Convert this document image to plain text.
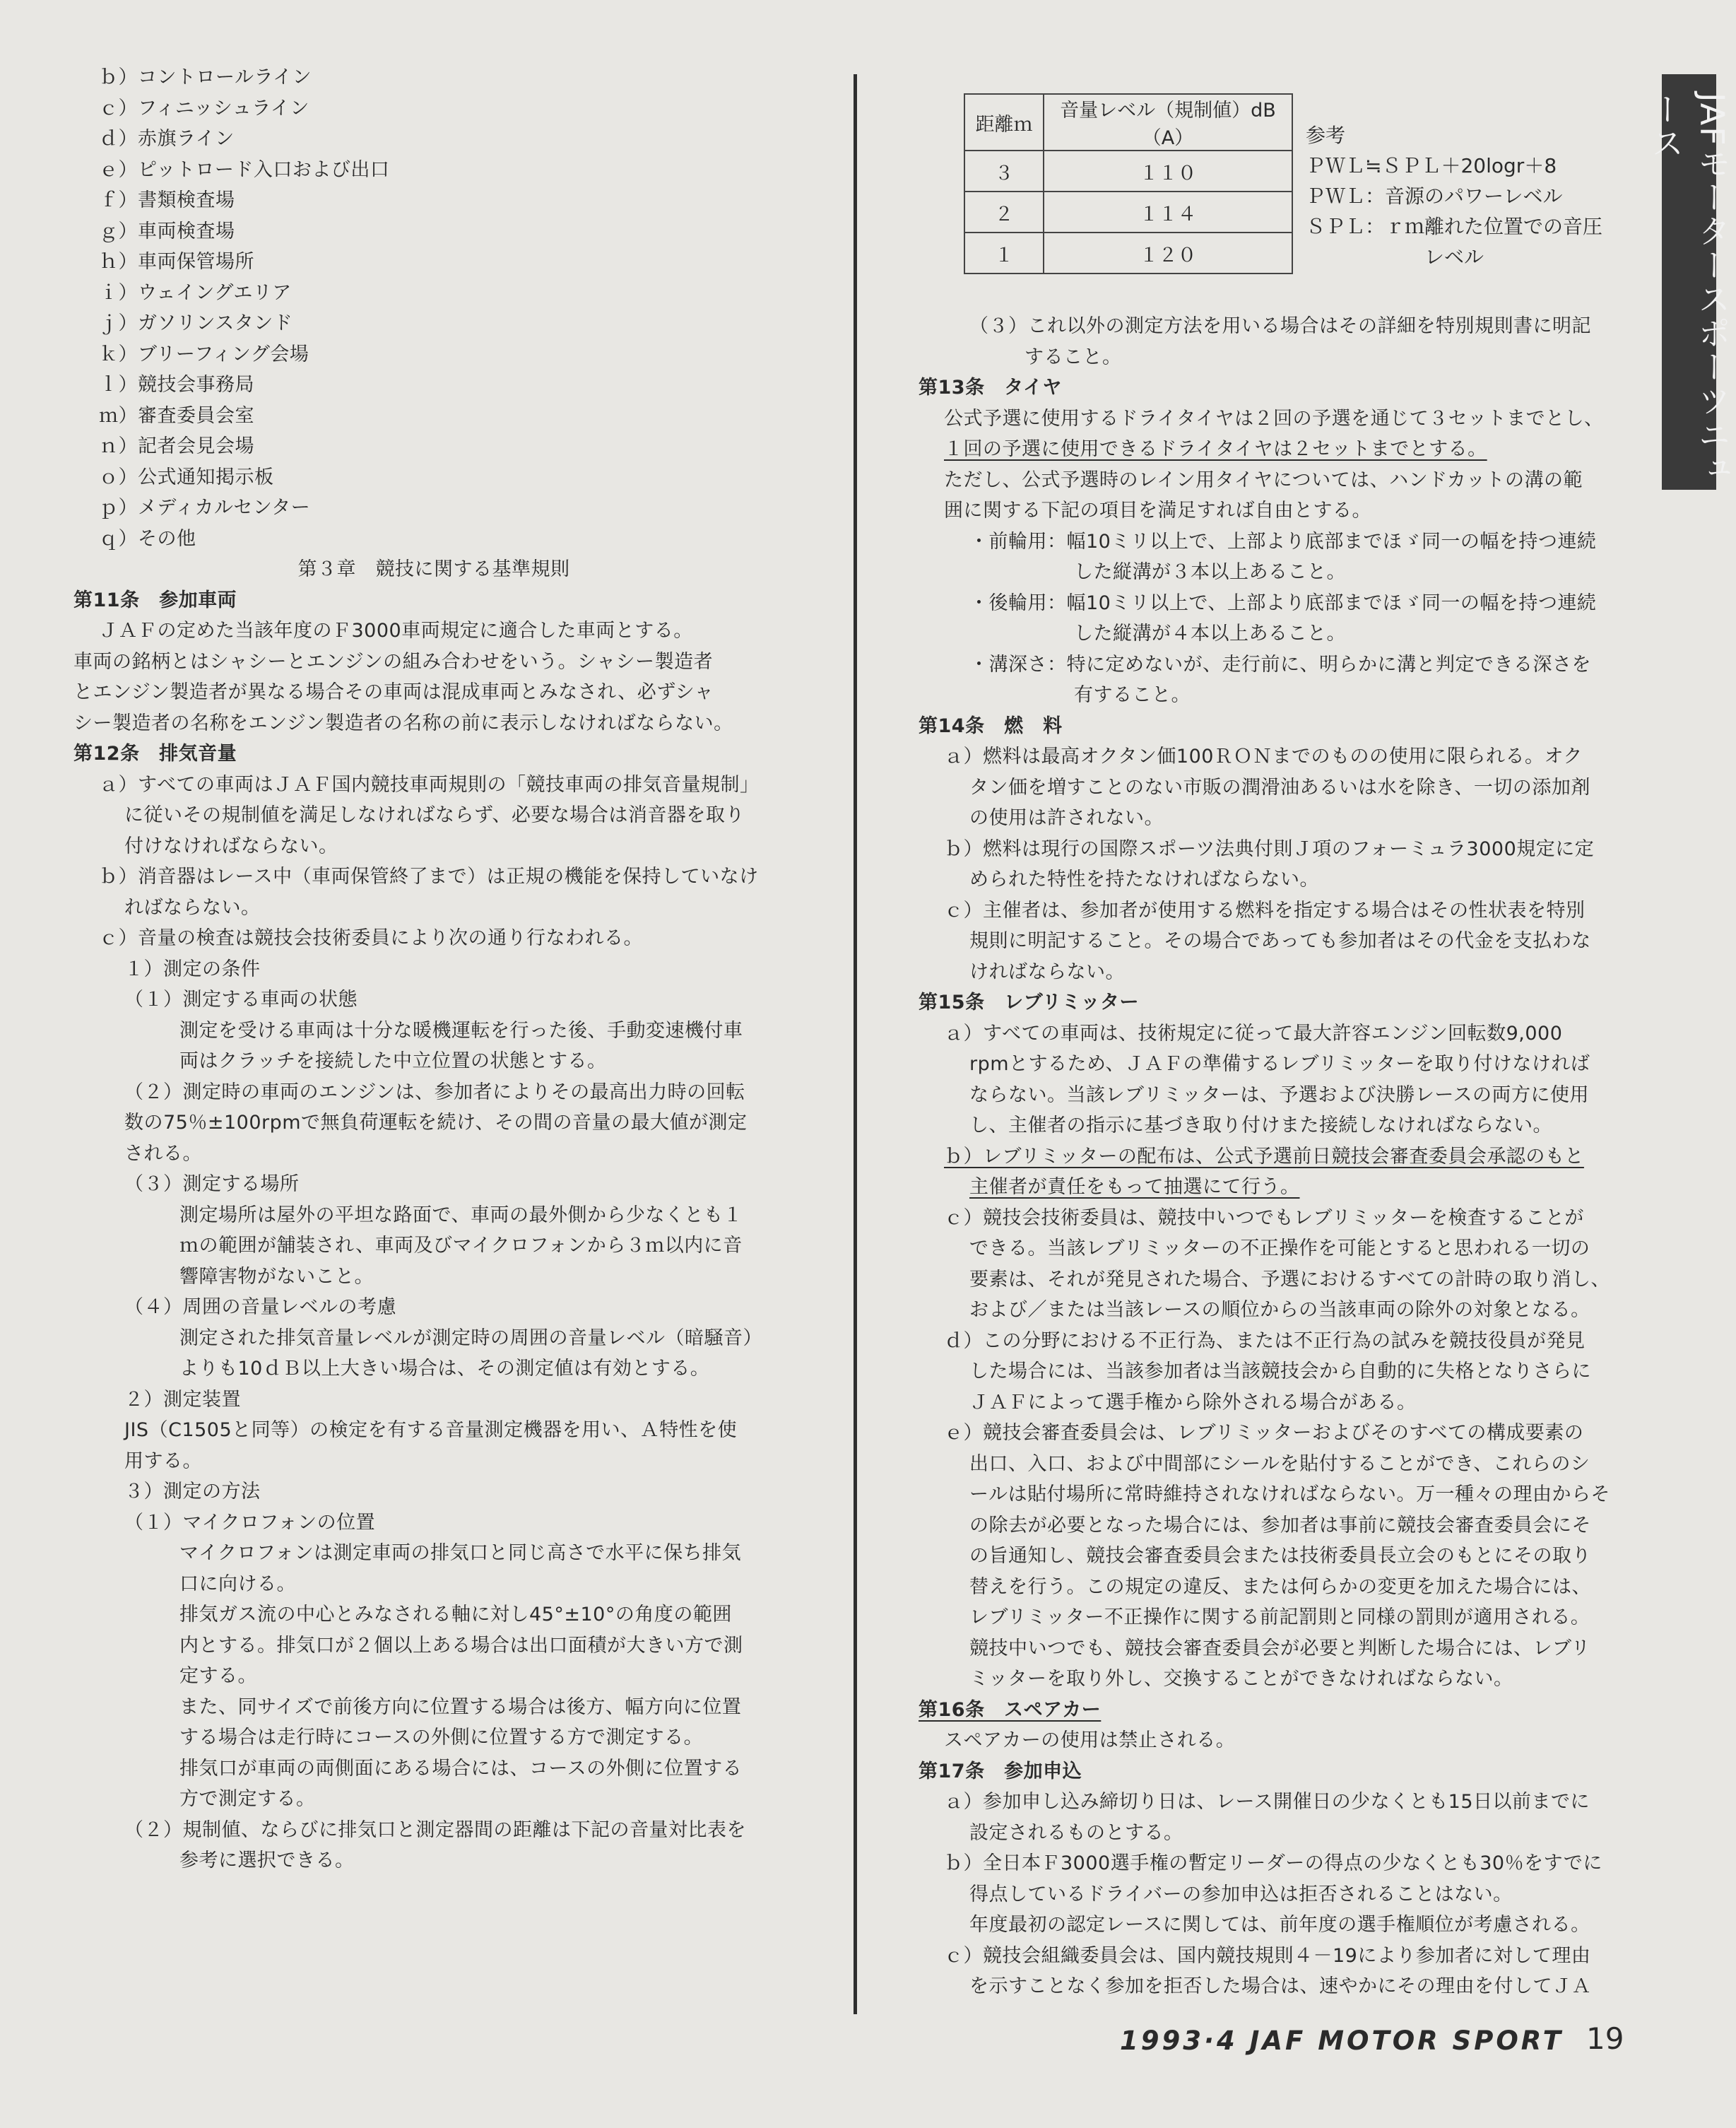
JAFモータースポーツニュース
ｂ）コントロールライン
ｃ）フィニッシュライン
ｄ）赤旗ライン
ｅ）ピットロード入口および出口
ｆ）書類検査場
ｇ）車両検査場
ｈ）車両保管場所
ｉ）ウェイングエリア
ｊ）ガソリンスタンド
ｋ）ブリーフィング会場
ｌ）競技会事務局
ｍ）審査委員会室
ｎ）記者会見会場
ｏ）公式通知掲示板
ｐ）メディカルセンター
ｑ）その他
第３章　競技に関する基準規則
第11条　参加車両
ＪＡＦの定めた当該年度のＦ3000車両規定に適合した車両とする。
車両の銘柄とはシャシーとエンジンの組み合わせをいう。シャシー製造者
とエンジン製造者が異なる場合その車両は混成車両とみなされ、必ずシャ
シー製造者の名称をエンジン製造者の名称の前に表示しなければならない。
第12条　排気音量
ａ）すべての車両はＪＡＦ国内競技車両規則の「競技車両の排気音量規制」
に従いその規制値を満足しなければならず、必要な場合は消音器を取り
付けなければならない。
ｂ）消音器はレース中（車両保管終了まで）は正規の機能を保持していなけ
ればならない。
ｃ）音量の検査は競技会技術委員により次の通り行なわれる。
１）測定の条件
（１）測定する車両の状態
測定を受ける車両は十分な暖機運転を行った後、手動変速機付車
両はクラッチを接続した中立位置の状態とする。
（２）測定時の車両のエンジンは、参加者によりその最高出力時の回転
数の75％±100rpmで無負荷運転を続け、その間の音量の最大値が測定
される。
（３）測定する場所
測定場所は屋外の平坦な路面で、車両の最外側から少なくとも１
ｍの範囲が舗装され、車両及びマイクロフォンから３ｍ以内に音
響障害物がないこと。
（４）周囲の音量レベルの考慮
測定された排気音量レベルが測定時の周囲の音量レベル（暗騒音）
よりも10ｄＢ以上大きい場合は、その測定値は有効とする。
２）測定装置
JIS（C1505と同等）の検定を有する音量測定機器を用い、Ａ特性を使
用する。
３）測定の方法
（１）マイクロフォンの位置
マイクロフォンは測定車両の排気口と同じ高さで水平に保ち排気
口に向ける。
排気ガス流の中心とみなされる軸に対し45°±10°の角度の範囲
内とする。排気口が２個以上ある場合は出口面積が大きい方で測
定する。
また、同サイズで前後方向に位置する場合は後方、幅方向に位置
する場合は走行時にコースの外側に位置する方で測定する。
排気口が車両の両側面にある場合には、コースの外側に位置する
方で測定する。
（２）規制値、ならびに排気口と測定器間の距離は下記の音量対比表を
参考に選択できる。
距離ｍ	音量レベル（規制値）dB（A）
３	１１０
２	１１４
１	１２０
参考
ＰＷＬ≒ＳＰＬ＋20logr＋8
ＰＷＬ：音源のパワーレベル
ＳＰＬ：ｒｍ離れた位置での音圧
レベル
（３）これ以外の測定方法を用いる場合はその詳細を特別規則書に明記
すること。
第13条　タイヤ
公式予選に使用するドライタイヤは２回の予選を通じて３セットまでとし、
１回の予選に使用できるドライタイヤは２セットまでとする。
ただし、公式予選時のレイン用タイヤについては、ハンドカットの溝の範
囲に関する下記の項目を満足すれば自由とする。
・前輪用：幅10ミリ以上で、上部より底部までほゞ同一の幅を持つ連続
した縦溝が３本以上あること。
・後輪用：幅10ミリ以上で、上部より底部までほゞ同一の幅を持つ連続
した縦溝が４本以上あること。
・溝深さ：特に定めないが、走行前に、明らかに溝と判定できる深さを
有すること。
第14条　燃　料
ａ）燃料は最高オクタン価100ＲＯＮまでのものの使用に限られる。オク
タン価を増すことのない市販の潤滑油あるいは水を除き、一切の添加剤
の使用は許されない。
ｂ）燃料は現行の国際スポーツ法典付則Ｊ項のフォーミュラ3000規定に定
められた特性を持たなければならない。
ｃ）主催者は、参加者が使用する燃料を指定する場合はその性状表を特別
規則に明記すること。その場合であっても参加者はその代金を支払わな
ければならない。
第15条　レブリミッター
ａ）すべての車両は、技術規定に従って最大許容エンジン回転数9,000
rpmとするため、ＪＡＦの準備するレブリミッターを取り付けなければ
ならない。当該レブリミッターは、予選および決勝レースの両方に使用
し、主催者の指示に基づき取り付けまた接続しなければならない。
ｂ）レブリミッターの配布は、公式予選前日競技会審査委員会承認のもと
主催者が責任をもって抽選にて行う。
ｃ）競技会技術委員は、競技中いつでもレブリミッターを検査することが
できる。当該レブリミッターの不正操作を可能とすると思われる一切の
要素は、それが発見された場合、予選におけるすべての計時の取り消し、
および／または当該レースの順位からの当該車両の除外の対象となる。
ｄ）この分野における不正行為、または不正行為の試みを競技役員が発見
した場合には、当該参加者は当該競技会から自動的に失格となりさらに
ＪＡＦによって選手権から除外される場合がある。
ｅ）競技会審査委員会は、レブリミッターおよびそのすべての構成要素の
出口、入口、および中間部にシールを貼付することができ、これらのシ
ールは貼付場所に常時維持されなければならない。万一種々の理由からそ
の除去が必要となった場合には、参加者は事前に競技会審査委員会にそ
の旨通知し、競技会審査委員会または技術委員長立会のもとにその取り
替えを行う。この規定の違反、または何らかの変更を加えた場合には、
レブリミッター不正操作に関する前記罰則と同様の罰則が適用される。
競技中いつでも、競技会審査委員会が必要と判断した場合には、レブリ
ミッターを取り外し、交換することができなければならない。
第16条　スペアカー
スペアカーの使用は禁止される。
第17条　参加申込
ａ）参加申し込み締切り日は、レース開催日の少なくとも15日以前までに
設定されるものとする。
ｂ）全日本Ｆ3000選手権の暫定リーダーの得点の少なくとも30％をすでに
得点しているドライバーの参加申込は拒否されることはない。
年度最初の認定レースに関しては、前年度の選手権順位が考慮される。
ｃ）競技会組織委員会は、国内競技規則４－19により参加者に対して理由
を示すことなく参加を拒否した場合は、速やかにその理由を付してＪＡ
1993·4 JAF MOTOR SPORT 19
